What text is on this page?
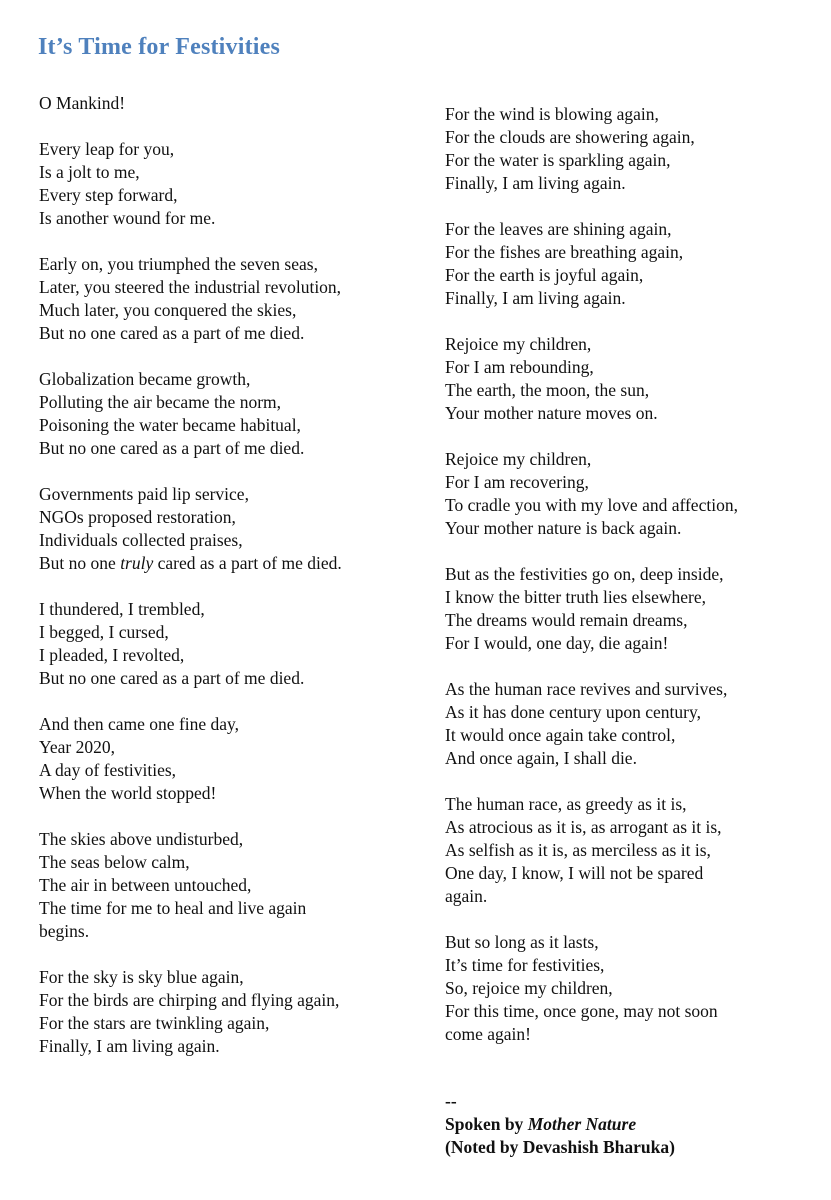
It’s Time for Festivities
O Mankind!
Every leap for you,
Is a jolt to me,
Every step forward,
Is another wound for me.
Early on, you triumphed the seven seas,
Later, you steered the industrial revolution,
Much later, you conquered the skies,
But no one cared as a part of me died.
Globalization became growth,
Polluting the air became the norm,
Poisoning the water became habitual,
But no one cared as a part of me died.
Governments paid lip service,
NGOs proposed restoration,
Individuals collected praises,
But no one truly cared as a part of me died.
I thundered, I trembled,
I begged, I cursed,
I pleaded, I revolted,
But no one cared as a part of me died.
And then came one fine day,
Year 2020,
A day of festivities,
When the world stopped!
The skies above undisturbed,
The seas below calm,
The air in between untouched,
The time for me to heal and live again
begins.
For the sky is sky blue again,
For the birds are chirping and flying again,
For the stars are twinkling again,
Finally, I am living again.
For the wind is blowing again,
For the clouds are showering again,
For the water is sparkling again,
Finally, I am living again.
For the leaves are shining again,
For the fishes are breathing again,
For the earth is joyful again,
Finally, I am living again.
Rejoice my children,
For I am rebounding,
The earth, the moon, the sun,
Your mother nature moves on.
Rejoice my children,
For I am recovering,
To cradle you with my love and affection,
Your mother nature is back again.
But as the festivities go on, deep inside,
I know the bitter truth lies elsewhere,
The dreams would remain dreams,
For I would, one day, die again!
As the human race revives and survives,
As it has done century upon century,
It would once again take control,
And once again, I shall die.
The human race, as greedy as it is,
As atrocious as it is, as arrogant as it is,
As selfish as it is, as merciless as it is,
One day, I know, I will not be spared
again.
But so long as it lasts,
It’s time for festivities,
So, rejoice my children,
For this time, once gone, may not soon
come again!
--
Spoken by Mother Nature
(Noted by Devashish Bharuka)
